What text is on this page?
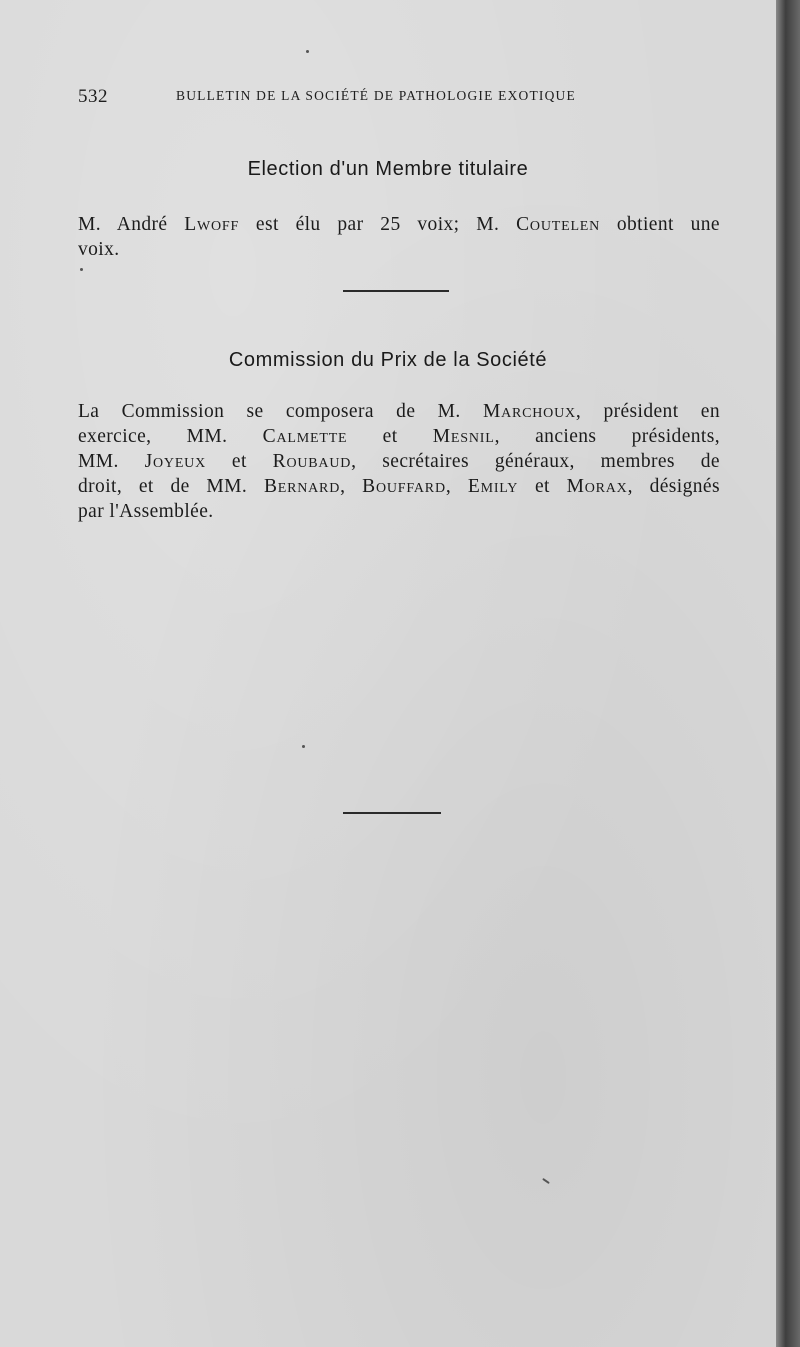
532	BULLETIN DE LA SOCIÉTÉ DE PATHOLOGIE EXOTIQUE
Election d'un Membre titulaire
M. André Lwoff est élu par 25 voix; M. Coutelen obtient une
voix.
Commission du Prix de la Société
La Commission se composera de M. Marchoux, président en
exercice, MM. Calmette et Mesnil, anciens présidents,
MM. Joyeux et Roubaud, secrétaires généraux, membres de
droit, et de MM. Bernard, Bouffard, Emily et Morax, désignés
par l'Assemblée.
